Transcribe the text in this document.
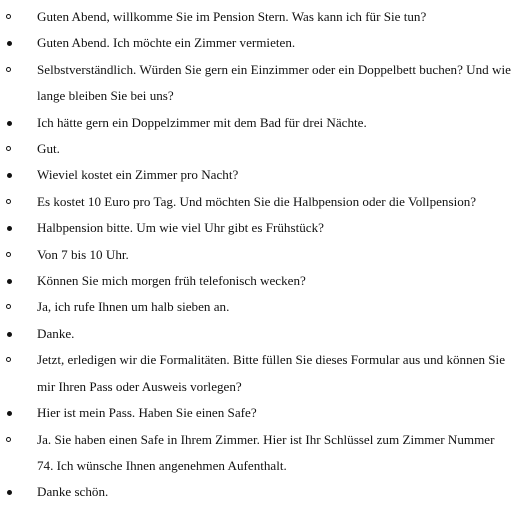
Guten Abend, willkomme Sie im Pension Stern. Was kann ich für Sie tun?
Guten Abend. Ich möchte ein Zimmer vermieten.
Selbstverständlich. Würden Sie gern ein Einzimmer oder ein Doppelbett buchen? Und wie lange bleiben Sie bei uns?
Ich hätte gern ein Doppelzimmer mit dem Bad für drei Nächte.
Gut.
Wieviel kostet ein Zimmer pro Nacht?
Es kostet 10 Euro pro Tag. Und möchten Sie die Halbpension oder die Vollpension?
Halbpension bitte. Um wie viel Uhr gibt es Frühstück?
Von 7 bis 10 Uhr.
Können Sie mich morgen früh telefonisch wecken?
Ja, ich rufe Ihnen um halb sieben an.
Danke.
Jetzt, erledigen wir die Formalitäten. Bitte füllen Sie dieses Formular aus und können Sie mir Ihren Pass oder Ausweis vorlegen?
Hier ist mein Pass. Haben Sie einen Safe?
Ja. Sie haben einen Safe in Ihrem Zimmer. Hier ist Ihr Schlüssel zum Zimmer Nummer 74. Ich wünsche Ihnen angenehmen Aufenthalt.
Danke schön.
